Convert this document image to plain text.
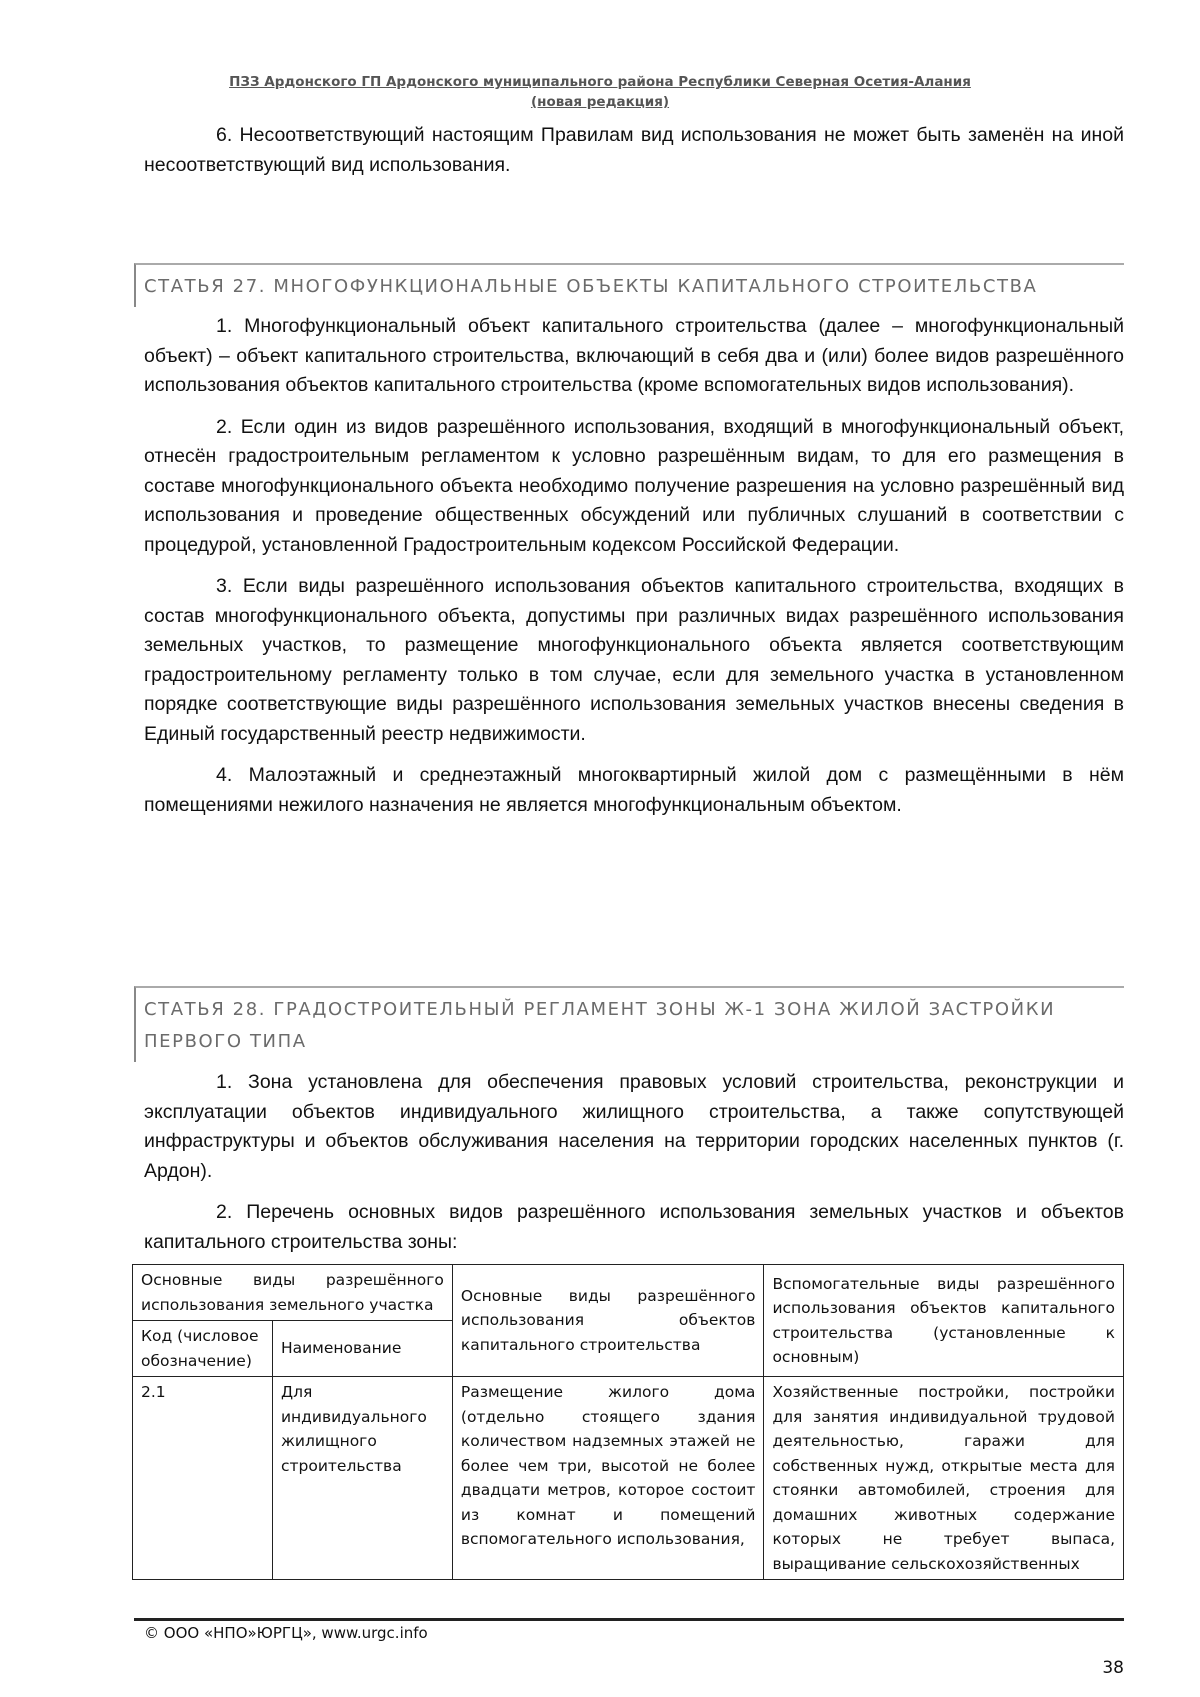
ПЗЗ Ардонского ГП Ардонского муниципального района Республики Северная Осетия-Алания
(новая редакция)

6. Несоответствующий настоящим Правилам вид использования не может быть заменён на иной несоответствующий вид использования.

СТАТЬЯ 27. МНОГОФУНКЦИОНАЛЬНЫЕ ОБЪЕКТЫ КАПИТАЛЬНОГО СТРОИТЕЛЬСТВА

1. Многофункциональный объект капитального строительства (далее – многофункциональный объект) – объект капитального строительства, включающий в себя два и (или) более видов разрешённого использования объектов капитального строительства (кроме вспомогательных видов использования).

2. Если один из видов разрешённого использования, входящий в многофункциональный объект, отнесён градостроительным регламентом к условно разрешённым видам, то для его размещения в составе многофункционального объекта необходимо получение разрешения на условно разрешённый вид использования и проведение общественных обсуждений или публичных слушаний в соответствии с процедурой, установленной Градостроительным кодексом Российской Федерации.

3. Если виды разрешённого использования объектов капитального строительства, входящих в состав многофункционального объекта, допустимы при различных видах разрешённого использования земельных участков, то размещение многофункционального объекта является соответствующим градостроительному регламенту только в том случае, если для земельного участка в установленном порядке соответствующие виды разрешённого использования земельных участков внесены сведения в Единый государственный реестр недвижимости.

4. Малоэтажный и среднеэтажный многоквартирный жилой дом с размещёнными в нём помещениями нежилого назначения не является многофункциональным объектом.

СТАТЬЯ 28. ГРАДОСТРОИТЕЛЬНЫЙ РЕГЛАМЕНТ ЗОНЫ Ж-1 ЗОНА ЖИЛОЙ ЗАСТРОЙКИ
ПЕРВОГО ТИПА

1. Зона установлена для обеспечения правовых условий строительства, реконструкции и эксплуатации объектов индивидуального жилищного строительства, а также сопутствующей инфраструктуры и объектов обслуживания населения на территории городских населенных пунктов (г. Ардон).

2. Перечень основных видов разрешённого использования земельных участков и объектов капитального строительства зоны:

Основные виды разрешённого использования земельного участка		Основные виды разрешённого использования объектов капитального строительства	Вспомогательные виды разрешённого использования объектов капитального строительства (установленные к основным)
Код (числовое обозначение)	Наименование		
2.1	Для индивидуального жилищного строительства	Размещение жилого дома (отдельно стоящего здания количеством надземных этажей не более чем три, высотой не более двадцати метров, которое состоит из комнат и помещений вспомогательного использования,	Хозяйственные постройки, постройки для занятия индивидуальной трудовой деятельностью, гаражи для собственных нужд, открытые места для стоянки автомобилей, строения для домашних животных содержание которых не требует выпаса, выращивание сельскохозяйственных
© ООО «НПО»ЮРГЦ», www.urgc.info
38
